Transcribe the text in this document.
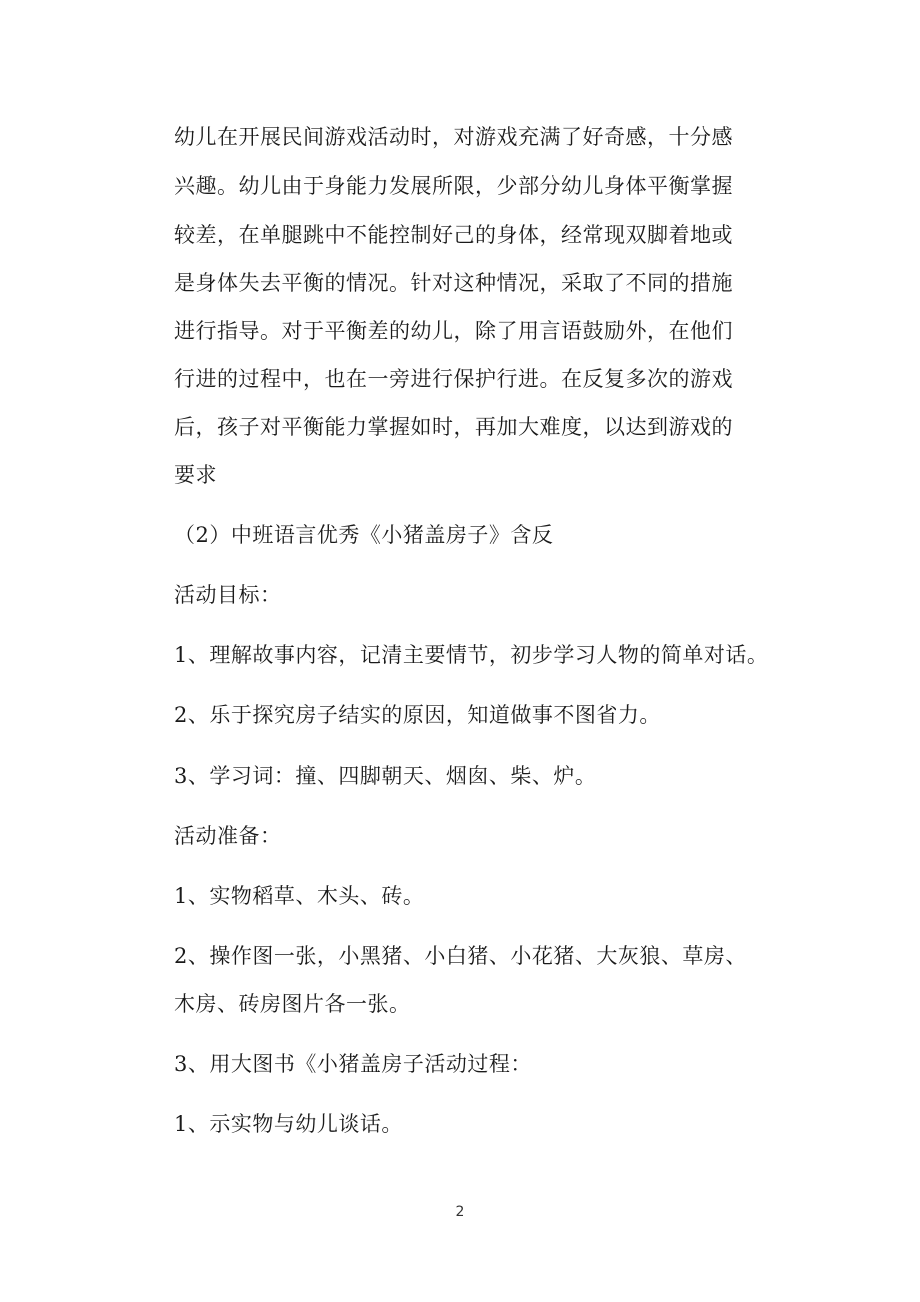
幼儿在开展民间游戏活动时，对游戏充满了好奇感，十分感
兴趣。幼儿由于身能力发展所限，少部分幼儿身体平衡掌握
较差，在单腿跳中不能控制好己的身体，经常现双脚着地或
是身体失去平衡的情况。针对这种情况，采取了不同的措施
进行指导。对于平衡差的幼儿，除了用言语鼓励外，在他们
行进的过程中，也在一旁进行保护行进。在反复多次的游戏
后，孩子对平衡能力掌握如时，再加大难度，以达到游戏的
要求
（2）中班语言优秀《小猪盖房子》含反
活动目标：
1、理解故事内容，记清主要情节，初步学习人物的简单对话。
2、乐于探究房子结实的原因，知道做事不图省力。
3、学习词：撞、四脚朝天、烟囱、柴、炉。
活动准备：
1、实物稻草、木头、砖。
2、操作图一张，小黑猪、小白猪、小花猪、大灰狼、草房、
木房、砖房图片各一张。
3、用大图书《小猪盖房子活动过程：
1、示实物与幼儿谈话。
2
